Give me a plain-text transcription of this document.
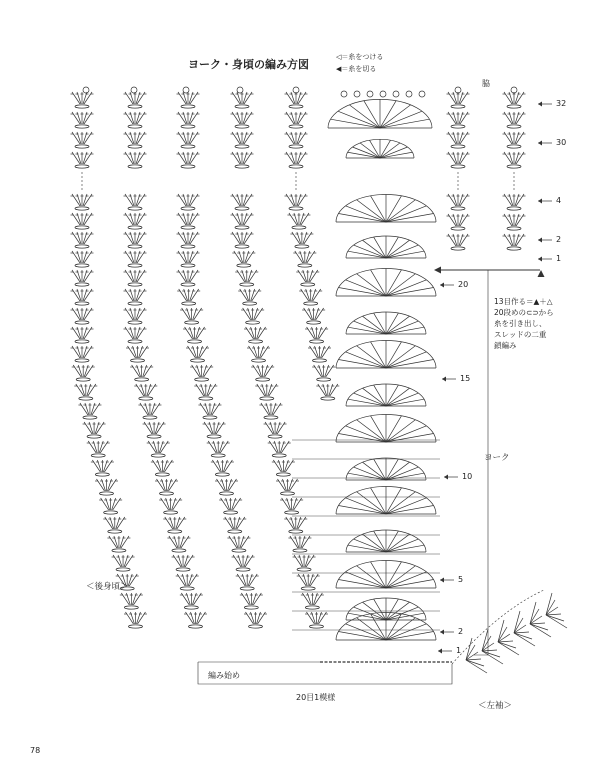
ヨーク・身頃の編み方図
◁＝糸をつける
◀＝糸を切る
脇
32
30
4
2
1
20
15
10
5
2
1
13目作る＝▲＋△
20段めの⊂⊃から
糸を引き出し、
スレッドの二重
鎖編み
ヨーク
＜後身頃＞
＜左袖＞
編み始め
20目1模様
78
